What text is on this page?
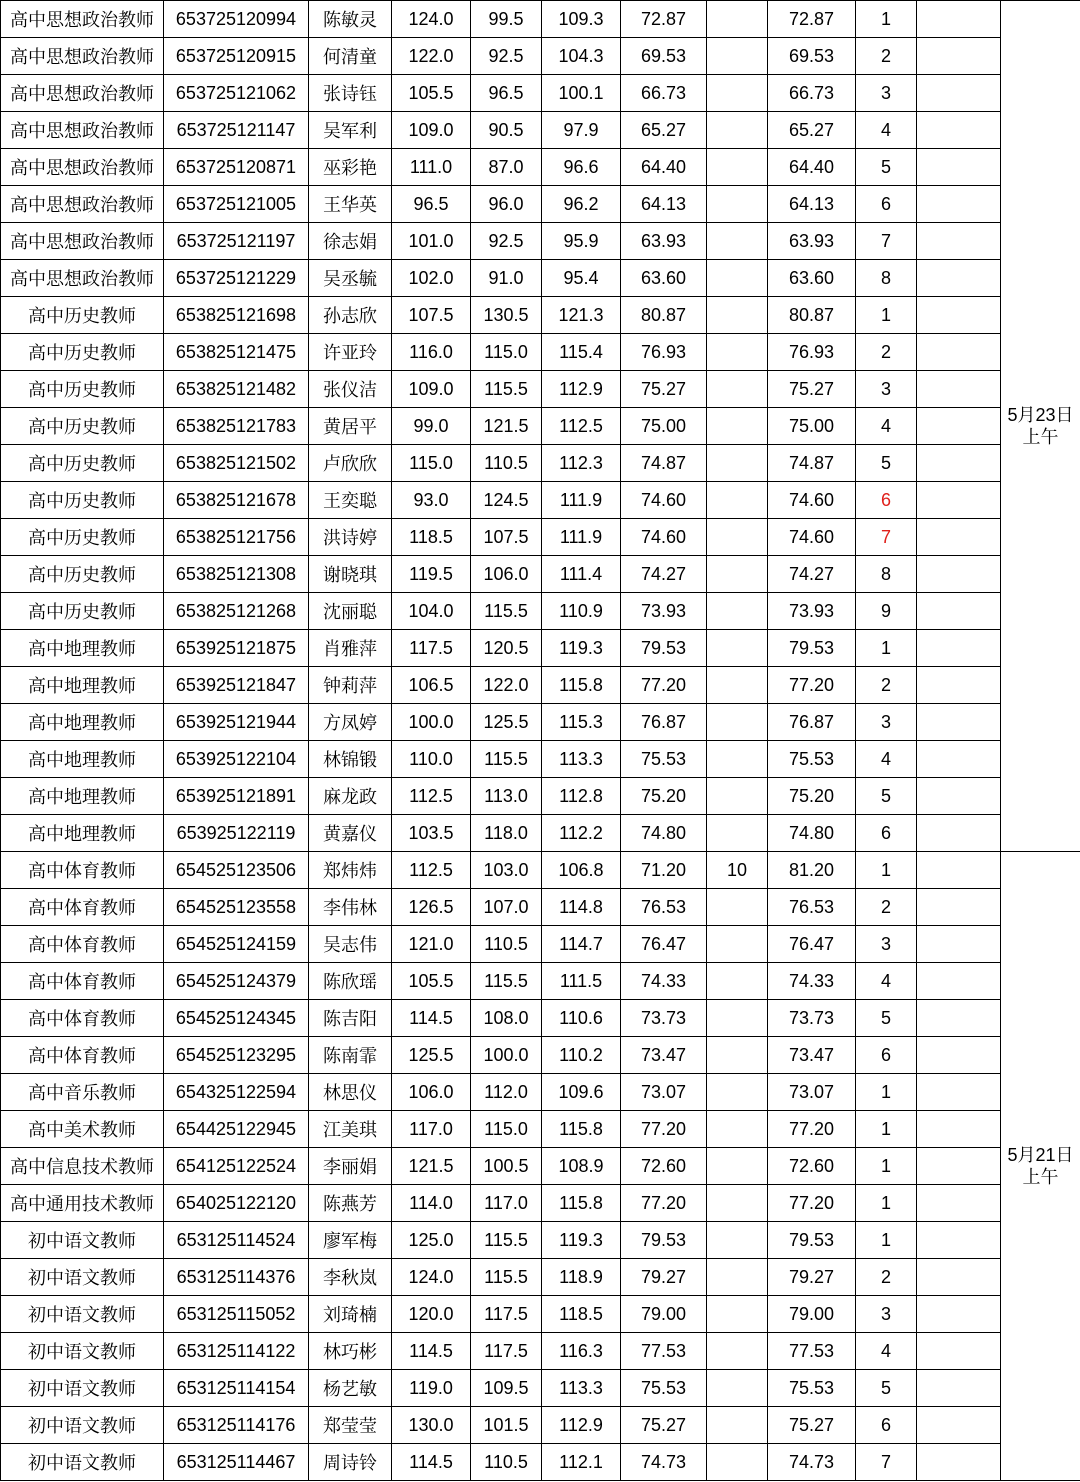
高中思想政治教师	653725120994	陈敏灵	124.0	99.5	109.3	72.87		72.87	1		5月23日
上午
高中思想政治教师	653725120915	何清童	122.0	92.5	104.3	69.53		69.53	2		
高中思想政治教师	653725121062	张诗钰	105.5	96.5	100.1	66.73		66.73	3		
高中思想政治教师	653725121147	吴军利	109.0	90.5	97.9	65.27		65.27	4		
高中思想政治教师	653725120871	巫彩艳	111.0	87.0	96.6	64.40		64.40	5		
高中思想政治教师	653725121005	王华英	96.5	96.0	96.2	64.13		64.13	6		
高中思想政治教师	653725121197	徐志娟	101.0	92.5	95.9	63.93		63.93	7		
高中思想政治教师	653725121229	吴丞毓	102.0	91.0	95.4	63.60		63.60	8		
高中历史教师	653825121698	孙志欣	107.5	130.5	121.3	80.87		80.87	1		
高中历史教师	653825121475	许亚玲	116.0	115.0	115.4	76.93		76.93	2		
高中历史教师	653825121482	张仪洁	109.0	115.5	112.9	75.27		75.27	3		
高中历史教师	653825121783	黄居平	99.0	121.5	112.5	75.00		75.00	4		
高中历史教师	653825121502	卢欣欣	115.0	110.5	112.3	74.87		74.87	5		
高中历史教师	653825121678	王奕聪	93.0	124.5	111.9	74.60		74.60	6		
高中历史教师	653825121756	洪诗婷	118.5	107.5	111.9	74.60		74.60	7		
高中历史教师	653825121308	谢晓琪	119.5	106.0	111.4	74.27		74.27	8		
高中历史教师	653825121268	沈丽聪	104.0	115.5	110.9	73.93		73.93	9		
高中地理教师	653925121875	肖雅萍	117.5	120.5	119.3	79.53		79.53	1		
高中地理教师	653925121847	钟莉萍	106.5	122.0	115.8	77.20		77.20	2		
高中地理教师	653925121944	方凤婷	100.0	125.5	115.3	76.87		76.87	3		
高中地理教师	653925122104	林锦锻	110.0	115.5	113.3	75.53		75.53	4		
高中地理教师	653925121891	麻龙政	112.5	113.0	112.8	75.20		75.20	5		
高中地理教师	653925122119	黄嘉仪	103.5	118.0	112.2	74.80		74.80	6		
高中体育教师	654525123506	郑炜炜	112.5	103.0	106.8	71.20	10	81.20	1		5月21日
上午
高中体育教师	654525123558	李伟林	126.5	107.0	114.8	76.53		76.53	2		
高中体育教师	654525124159	吴志伟	121.0	110.5	114.7	76.47		76.47	3		
高中体育教师	654525124379	陈欣瑶	105.5	115.5	111.5	74.33		74.33	4		
高中体育教师	654525124345	陈吉阳	114.5	108.0	110.6	73.73		73.73	5		
高中体育教师	654525123295	陈南霏	125.5	100.0	110.2	73.47		73.47	6		
高中音乐教师	654325122594	林思仪	106.0	112.0	109.6	73.07		73.07	1		
高中美术教师	654425122945	江美琪	117.0	115.0	115.8	77.20		77.20	1		
高中信息技术教师	654125122524	李丽娟	121.5	100.5	108.9	72.60		72.60	1		
高中通用技术教师	654025122120	陈燕芳	114.0	117.0	115.8	77.20		77.20	1		
初中语文教师	653125114524	廖军梅	125.0	115.5	119.3	79.53		79.53	1		
初中语文教师	653125114376	李秋岚	124.0	115.5	118.9	79.27		79.27	2		
初中语文教师	653125115052	刘琦楠	120.0	117.5	118.5	79.00		79.00	3		
初中语文教师	653125114122	林巧彬	114.5	117.5	116.3	77.53		77.53	4		
初中语文教师	653125114154	杨艺敏	119.0	109.5	113.3	75.53		75.53	5		
初中语文教师	653125114176	郑莹莹	130.0	101.5	112.9	75.27		75.27	6		
初中语文教师	653125114467	周诗铃	114.5	110.5	112.1	74.73		74.73	7		
